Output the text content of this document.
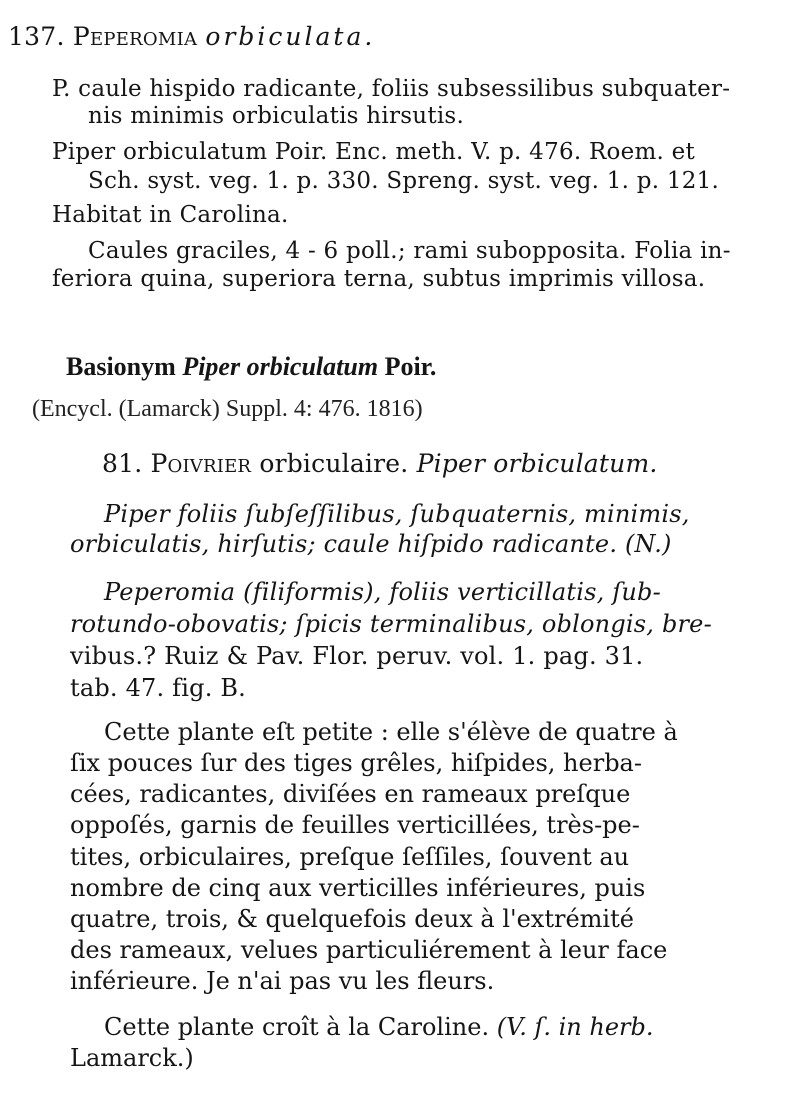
137. Peperomia orbiculata.
P. caule hispido radicante, foliis subsessilibus subquater-
nis minimis orbiculatis hirsutis.
Piper orbiculatum Poir. Enc. meth. V. p. 476. Roem. et
Sch. syst. veg. 1. p. 330. Spreng. syst. veg. 1. p. 121.
Habitat in Carolina.
Caules graciles, 4 - 6 poll.; rami subopposita. Folia in-
feriora quina, superiora terna, subtus imprimis villosa.
Basionym Piper orbiculatum Poir.
(Encycl. (Lamarck) Suppl. 4: 476. 1816)
81. Poivrier orbiculaire. Piper orbiculatum.
Piper foliis ſubſeſſilibus, ſubquaternis, minimis,
orbiculatis, hirſutis; caule hiſpido radicante. (N.)
Peperomia (filiformis), foliis verticillatis, ſub-
rotundo-obovatis; ſpicis terminalibus, oblongis, bre-
vibus.? Ruiz & Pav. Flor. peruv. vol. 1. pag. 31.
tab. 47. fig. B.
Cette plante eſt petite : elle s'élève de quatre à
ſix pouces ſur des tiges grêles, hiſpides, herba-
cées, radicantes, diviſées en rameaux preſque
oppoſés, garnis de feuilles verticillées, très-pe-
tites, orbiculaires, preſque ſeſſiles, ſouvent au
nombre de cinq aux verticilles inférieures, puis
quatre, trois, & quelquefois deux à l'extrémité
des rameaux, velues particuliérement à leur face
inférieure. Je n'ai pas vu les fleurs.
Cette plante croît à la Caroline. (V. ſ. in herb.
Lamarck.)
